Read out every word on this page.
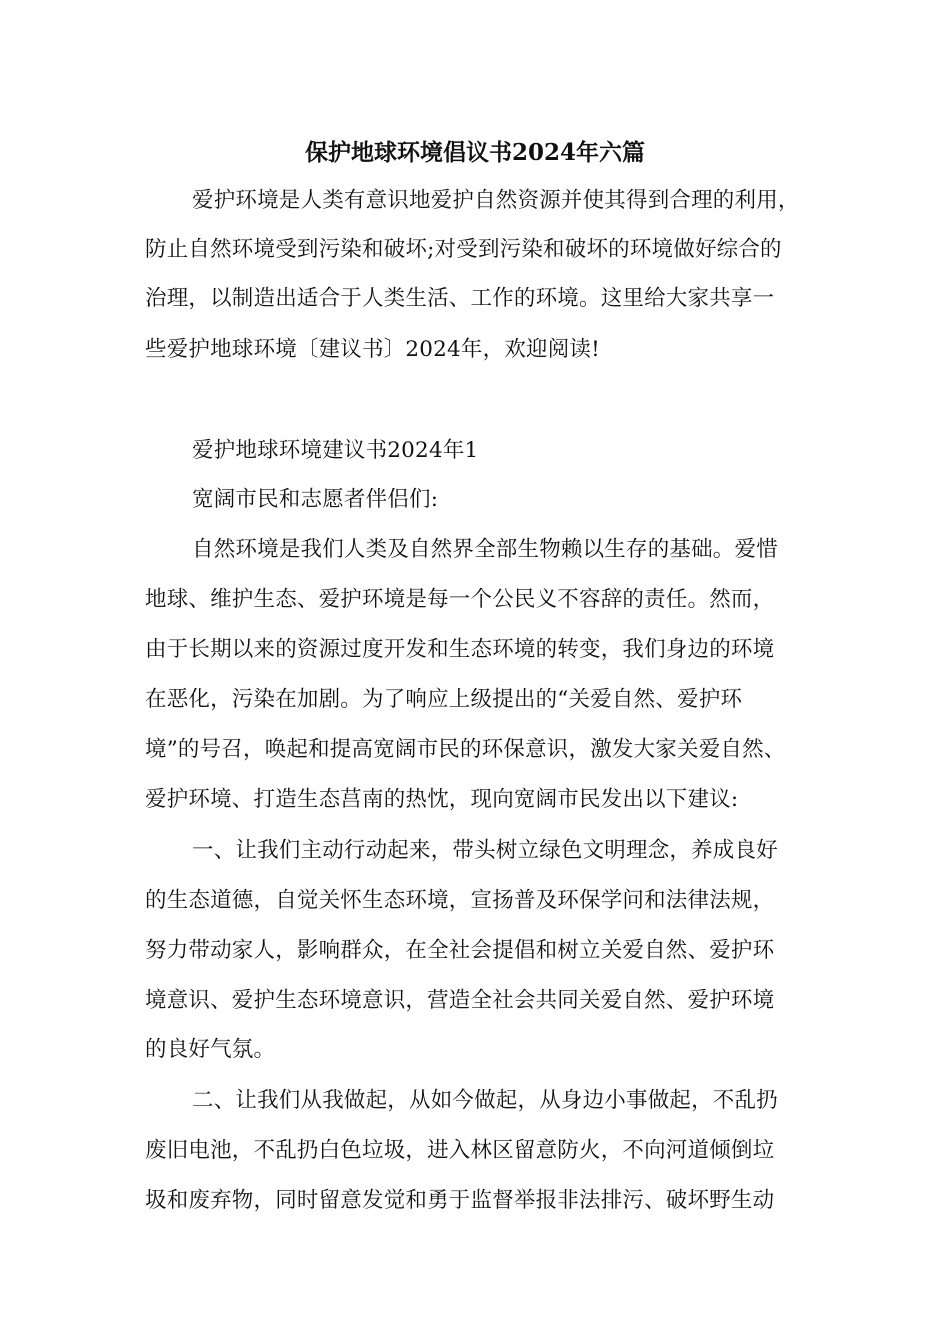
保护地球环境倡议书2024年六篇
爱护环境是人类有意识地爱护自然资源并使其得到合理的利用，
防止自然环境受到污染和破坏;对受到污染和破坏的环境做好综合的
治理，以制造出适合于人类生活、工作的环境。这里给大家共享一
些爱护地球环境〔建议书〕2024年，欢迎阅读!
爱护地球环境建议书2024年1
宽阔市民和志愿者伴侣们:
自然环境是我们人类及自然界全部生物赖以生存的基础。爱惜
地球、维护生态、爱护环境是每一个公民义不容辞的责任。然而，
由于长期以来的资源过度开发和生态环境的转变，我们身边的环境
在恶化，污染在加剧。为了响应上级提出的“关爱自然、爱护环
境”的号召，唤起和提高宽阔市民的环保意识，激发大家关爱自然、
爱护环境、打造生态莒南的热忱，现向宽阔市民发出以下建议:
一、让我们主动行动起来，带头树立绿色文明理念，养成良好
的生态道德，自觉关怀生态环境，宣扬普及环保学问和法律法规，
努力带动家人，影响群众，在全社会提倡和树立关爱自然、爱护环
境意识、爱护生态环境意识，营造全社会共同关爱自然、爱护环境
的良好气氛。
二、让我们从我做起，从如今做起，从身边小事做起，不乱扔
废旧电池，不乱扔白色垃圾，进入林区留意防火，不向河道倾倒垃
圾和废弃物，同时留意发觉和勇于监督举报非法排污、破坏野生动
